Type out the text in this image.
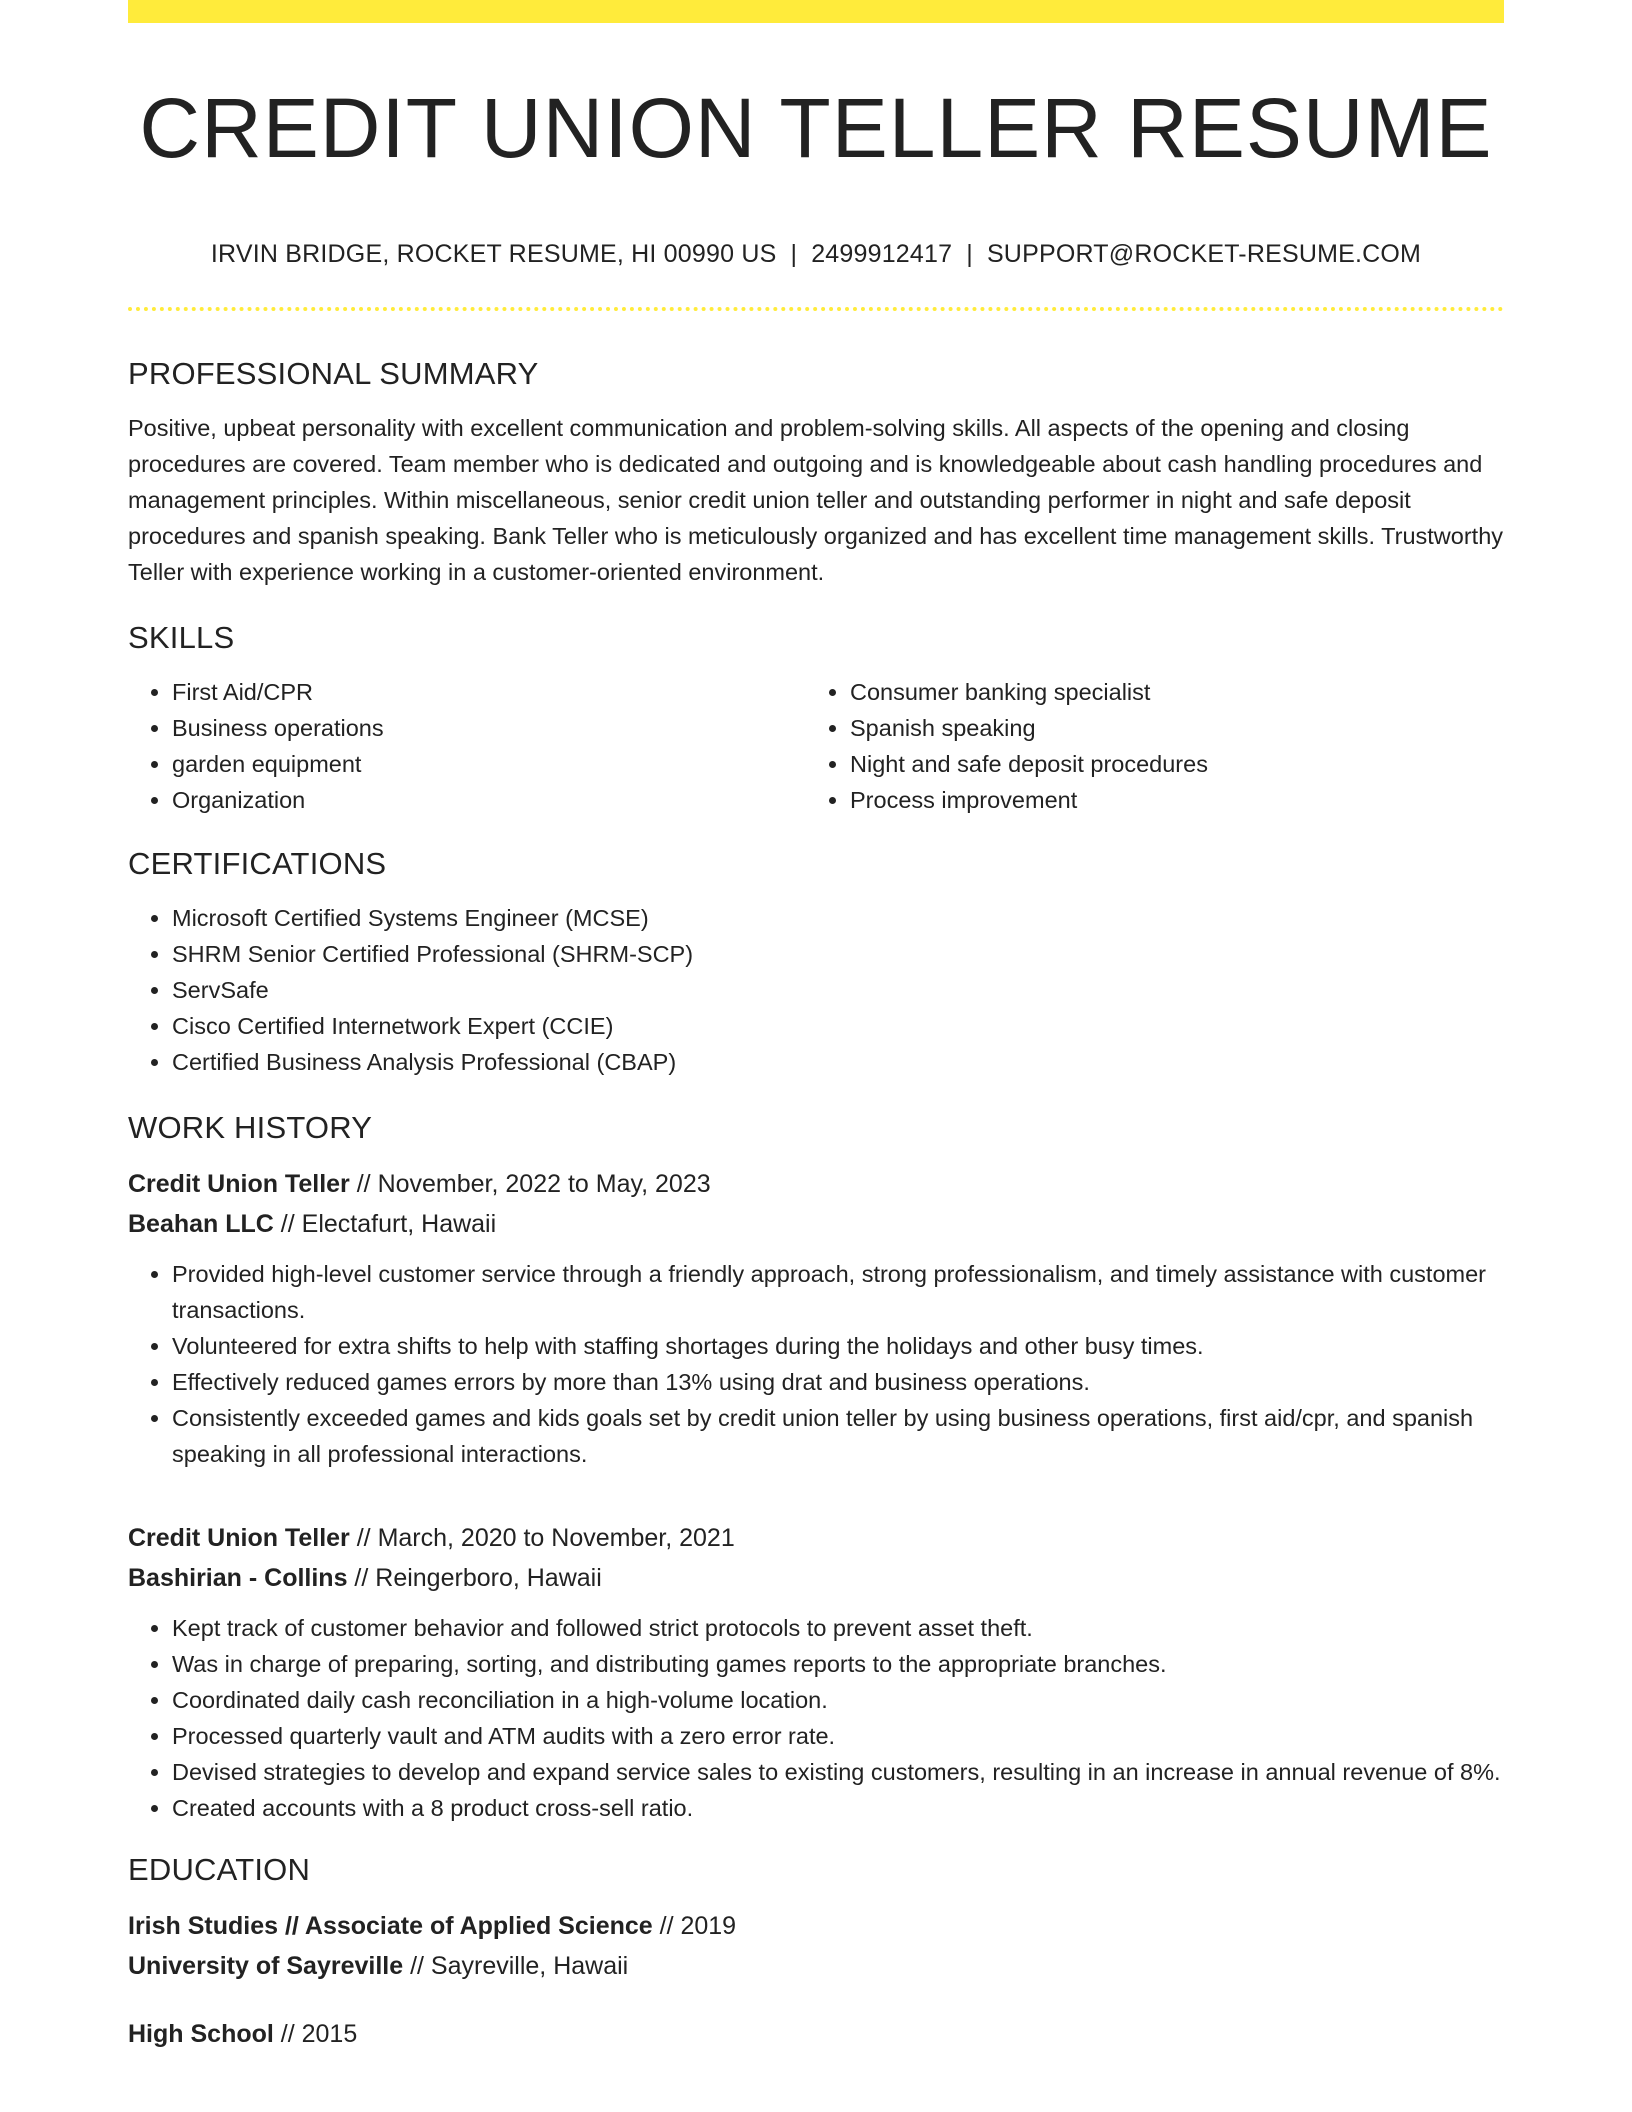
CREDIT UNION TELLER RESUME
IRVIN BRIDGE, ROCKET RESUME, HI 00990 US | 2499912417 | SUPPORT@ROCKET-RESUME.COM
PROFESSIONAL SUMMARY

Positive, upbeat personality with excellent communication and problem-solving skills. All aspects of the opening and closing procedures are covered. Team member who is dedicated and outgoing and is knowledgeable about cash handling procedures and management principles. Within miscellaneous, senior credit union teller and outstanding performer in night and safe deposit procedures and spanish speaking. Bank Teller who is meticulously organized and has excellent time management skills. Trustworthy Teller with experience working in a customer-oriented environment.

SKILLS
• First Aid/CPR
• Business operations
• garden equipment
• Organization
• Consumer banking specialist
• Spanish speaking
• Night and safe deposit procedures
• Process improvement
CERTIFICATIONS
• Microsoft Certified Systems Engineer (MCSE)
• SHRM Senior Certified Professional (SHRM-SCP)
• ServSafe
• Cisco Certified Internetwork Expert (CCIE)
• Certified Business Analysis Professional (CBAP)
WORK HISTORY
Credit Union Teller // November, 2022 to May, 2023
Beahan LLC // Electafurt, Hawaii
• Provided high-level customer service through a friendly approach, strong professionalism, and timely assistance with customer transactions.
• Volunteered for extra shifts to help with staffing shortages during the holidays and other busy times.
• Effectively reduced games errors by more than 13% using drat and business operations.
• Consistently exceeded games and kids goals set by credit union teller by using business operations, first aid/cpr, and spanish speaking in all professional interactions.
Credit Union Teller // March, 2020 to November, 2021
Bashirian - Collins // Reingerboro, Hawaii
• Kept track of customer behavior and followed strict protocols to prevent asset theft.
• Was in charge of preparing, sorting, and distributing games reports to the appropriate branches.
• Coordinated daily cash reconciliation in a high-volume location.
• Processed quarterly vault and ATM audits with a zero error rate.
• Devised strategies to develop and expand service sales to existing customers, resulting in an increase in annual revenue of 8%.
• Created accounts with a 8 product cross-sell ratio.
EDUCATION
Irish Studies // Associate of Applied Science // 2019
University of Sayreville // Sayreville, Hawaii
High School // 2015
